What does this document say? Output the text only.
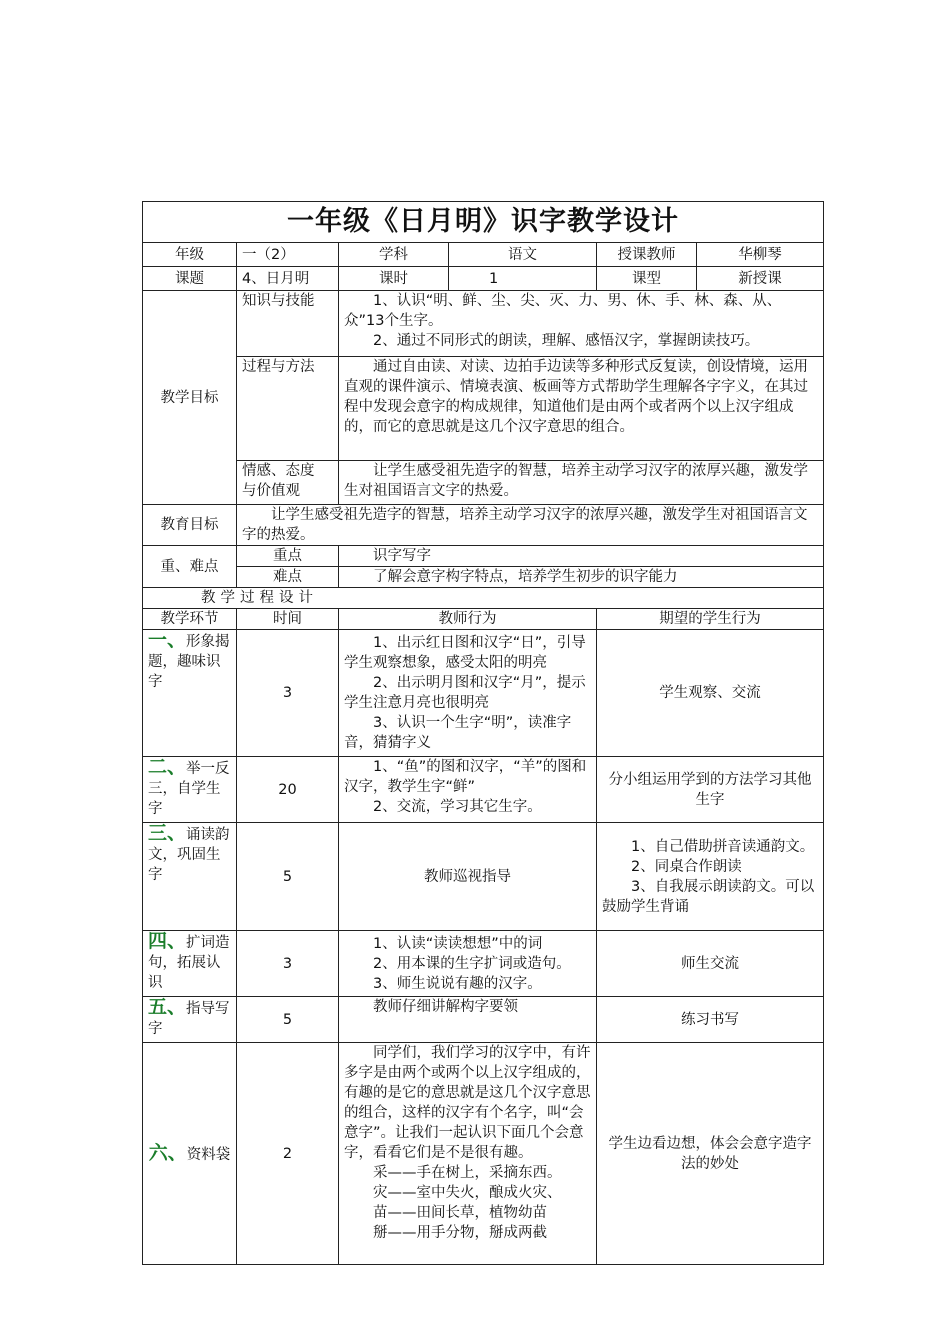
一年级《日月明》识字教学设计					
年级	一（2）	学科	语文	授课教师	华柳琴
课题	4、日月明	课时	1	课型	新授课
教学目标	知识与技能	1、认识“明、鲜、尘、尖、灭、力、男、休、手、林、森、从、众”13个生字。
2、通过不同形式的朗读，理解、感悟汉字，掌握朗读技巧。			

	过程与方法	通过自由读、对读、边拍手边读等多种形式反复读，创设情境，运用直观的课件演示、情境表演、板画等方式帮助学生理解各字字义，在其过程中发现会意字的构成规律，知道他们是由两个或者两个以上汉字组成的，而它的意思就是这几个汉字意思的组合。			

	情感、态度
与价值观	让学生感受祖先造字的智慧，培养主动学习汉字的浓厚兴趣，激发学生对祖国语言文字的热爱。			

教育目标	让学生感受祖先造字的智慧，培养主动学习汉字的浓厚兴趣，激发学生对祖国语言文字的热爱。				

重、难点	重点	识字写字			

	难点	了解会意字构字特点，培养学生初步的识字能力			

教学过程设计					
教学环节	时间	教师行为		期望的学生行为	
一、形象揭题，趣味识字	3	1、出示红日图和汉字“日”，引导学生观察想象，感受太阳的明亮
2、出示明月图和汉字“月”，提示学生注意月亮也很明亮
3、认识一个生字“明”，读准字音，猜猜字义		学生观察、交流	
二、举一反三，自学生字	20	1、“鱼”的图和汉字，“羊”的图和汉字，教学生字“鲜”
2、交流，学习其它生字。		分小组运用学到的方法学习其他生字	
三、诵读韵文，巩固生字	5	教师巡视指导		1、自己借助拼音读通韵文。
2、同桌合作朗读
3、自我展示朗读韵文。可以鼓励学生背诵	

四、扩词造句，拓展认识	3	1、认读“读读想想”中的词
2、用本课的生字扩词或造句。
3、师生说说有趣的汉字。		师生交流	
五、指导写字	5	教师仔细讲解构字要领		练习书写	
六、资料袋	2	同学们，我们学习的汉字中，有许多字是由两个或两个以上汉字组成的，有趣的是它的意思就是这几个汉字意思的组合，这样的汉字有个名字，叫“会意字”。让我们一起认识下面几个会意字，看看它们是不是很有趣。
采——手在树上，采摘东西。
灾——室中失火，酿成火灾、
苗——田间长草，植物幼苗
掰——用手分物，掰成两截		学生边看边想，体会会意字造字法的妙处	
